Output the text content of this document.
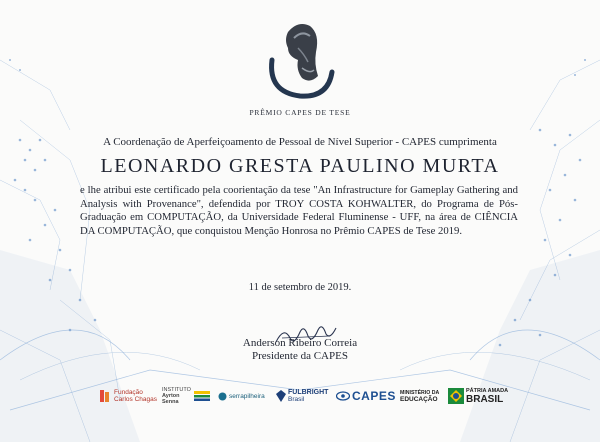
PRÊMIO CAPES DE TESE
A Coordenação de Aperfeiçoamento de Pessoal de Nível Superior - CAPES cumprimenta
LEONARDO GRESTA PAULINO MURTA
e lhe atribui este certificado pela coorientação da tese "An Infrastructure for Gameplay Gathering and Analysis with Provenance", defendida por TROY COSTA KOHWALTER, do Programa de Pós-Graduação em COMPUTAÇÃO, da Universidade Federal Fluminense - UFF, na área de CIÊNCIA DA COMPUTAÇÃO, que conquistou Menção Honrosa no Prêmio CAPES de Tese 2019.
11 de setembro de 2019.
Anderson Ribeiro Correia
Presidente da CAPES
Fundação
Carlos Chagas
INSTITUTO
Ayrton
Senna
serrapilheira	FULBRIGHT
Brasil	CAPES MINISTÉRIO DA
EDUCAÇÃO
PÁTRIA AMADA
BRASIL
